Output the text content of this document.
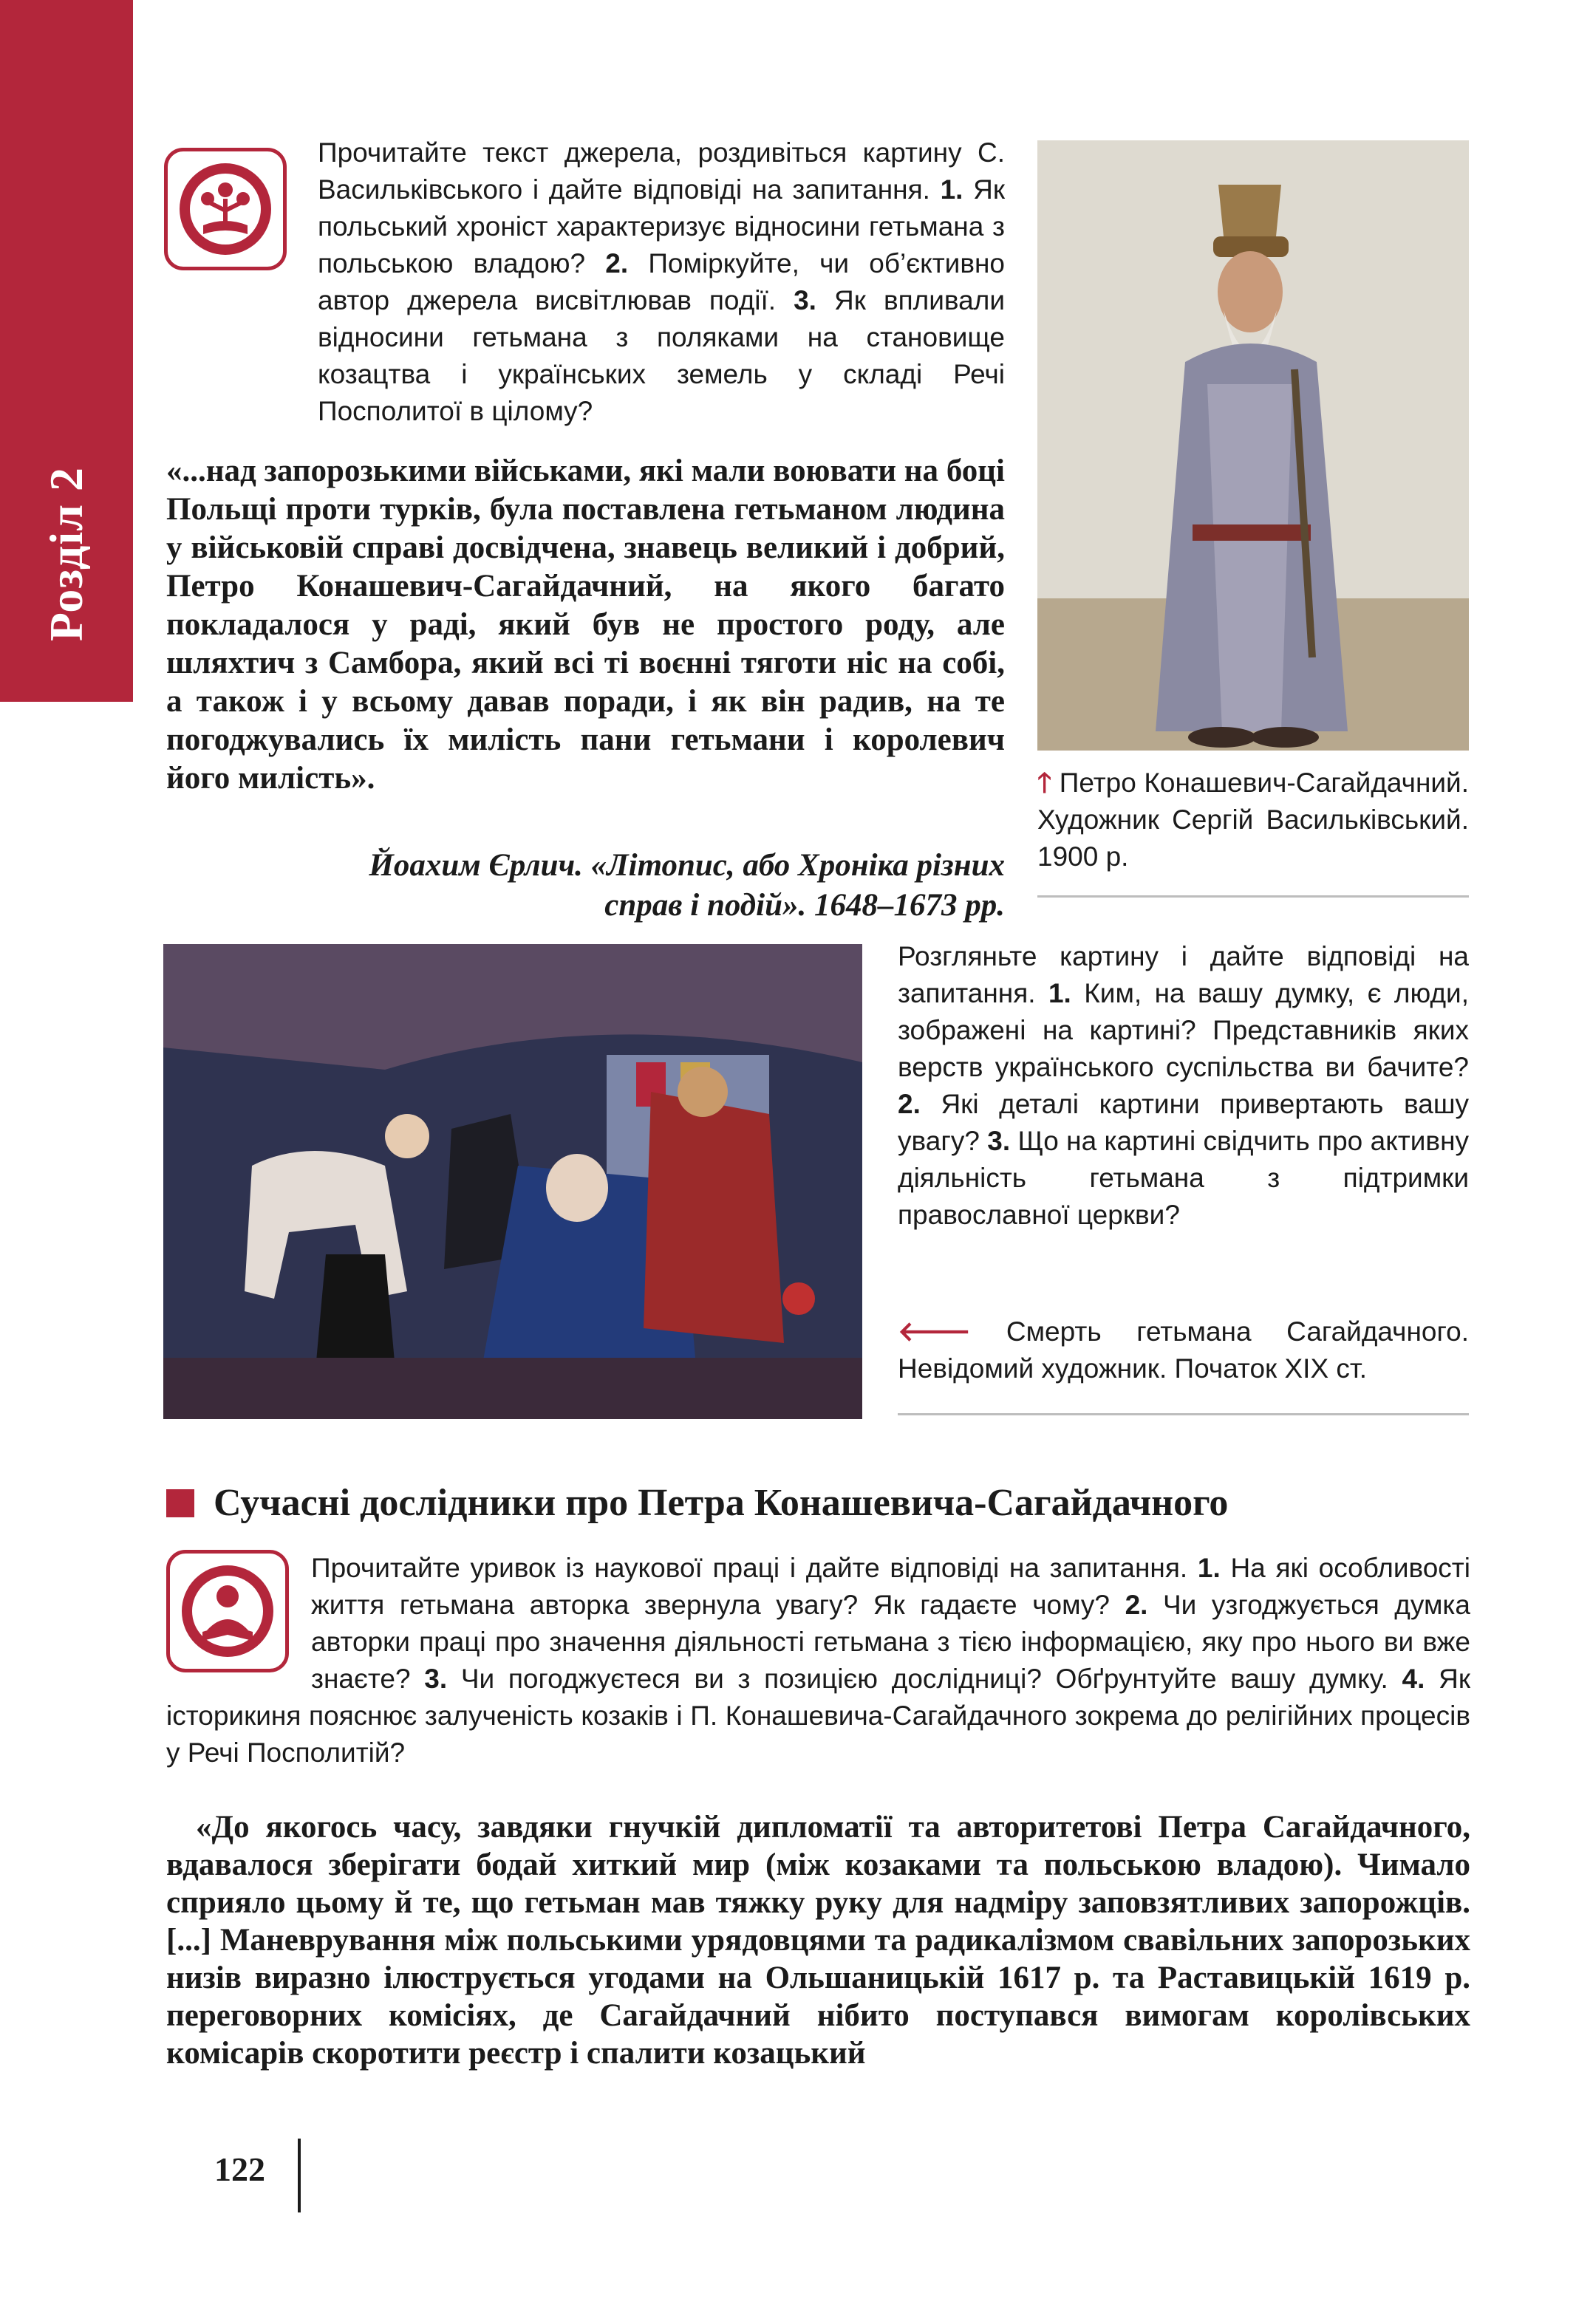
Розділ 2
Прочитайте текст джерела, роздивіться картину С. Васильківського і дайте відповіді на запитання. 1. Як польський хроніст характеризує відносини гетьмана з польською владою? 2. Поміркуйте, чи об’єктивно автор джерела висвітлював події. 3. Як впливали відносини гетьмана з поляками на становище козацтва і українських земель у складі Речі Посполитої в цілому?
«...над запорозькими військами, які мали воювати на боці Польщі проти турків, була поставлена гетьманом людина у військовій справі досвідчена, знавець великий і добрий, Петро Конашевич-Сагайдачний, на якого багато покладалося у раді, який був не простого роду, але шляхтич з Самбора, який всі ті воєнні тяготи ніс на собі, а також і у всьому давав поради, і як він радив, на те погоджувались їх милість пани гетьмани і королевич його милість».
Йоахим Єрлич. «Літопис, або Хроніка різних
справ і подій». 1648–1673 рр.
🡑 Петро Конашевич-Сагайдачний. Художник Сергій Васильківський. 1900 р.
Розгляньте картину і дайте відповіді на запитання. 1. Ким, на вашу думку, є люди, зображені на картині? Представників яких верств українського суспільства ви бачите? 2. Які деталі картини привертають вашу увагу? 3. Що на картині свідчить про активну діяльність гетьмана з підтримки православної церкви?
🡐 Смерть гетьмана Сагайдачного. Невідомий художник. Початок XIX ст.
Сучасні дослідники про Петра Конашевича-Сагайдачного
Прочитайте уривок із наукової праці і дайте відповіді на запитання. 1. На які особливості життя гетьмана авторка звернула увагу? Як гадаєте чому? 2. Чи узгоджується думка авторки праці про значення діяльності гетьмана з тією інформацією, яку про нього ви вже знаєте? 3. Чи погоджуєтеся ви з позицією дослідниці? Обґрунтуйте вашу думку. 4. Як історикиня пояснює залученість козаків і П. Конашевича-Сагайдачного зокрема до релігійних процесів у Речі Посполитій?
«До якогось часу, завдяки гнучкій дипломатії та авторитетові Петра Сагайдачного, вдавалося зберігати бодай хиткий мир (між козаками та польською владою). Чимало сприяло цьому й те, що гетьман мав тяжку руку для надміру заповзятливих запорожців. [...] Маневрування між польськими урядовцями та радикалізмом свавільних запорозьких низів виразно ілюструється угодами на Ольшаницькій 1617 р. та Раставицькій 1619 р. переговорних комісіях, де Сагайдачний нібито поступався вимогам королівських комісарів скоротити реєстр і спалити козацький
122
